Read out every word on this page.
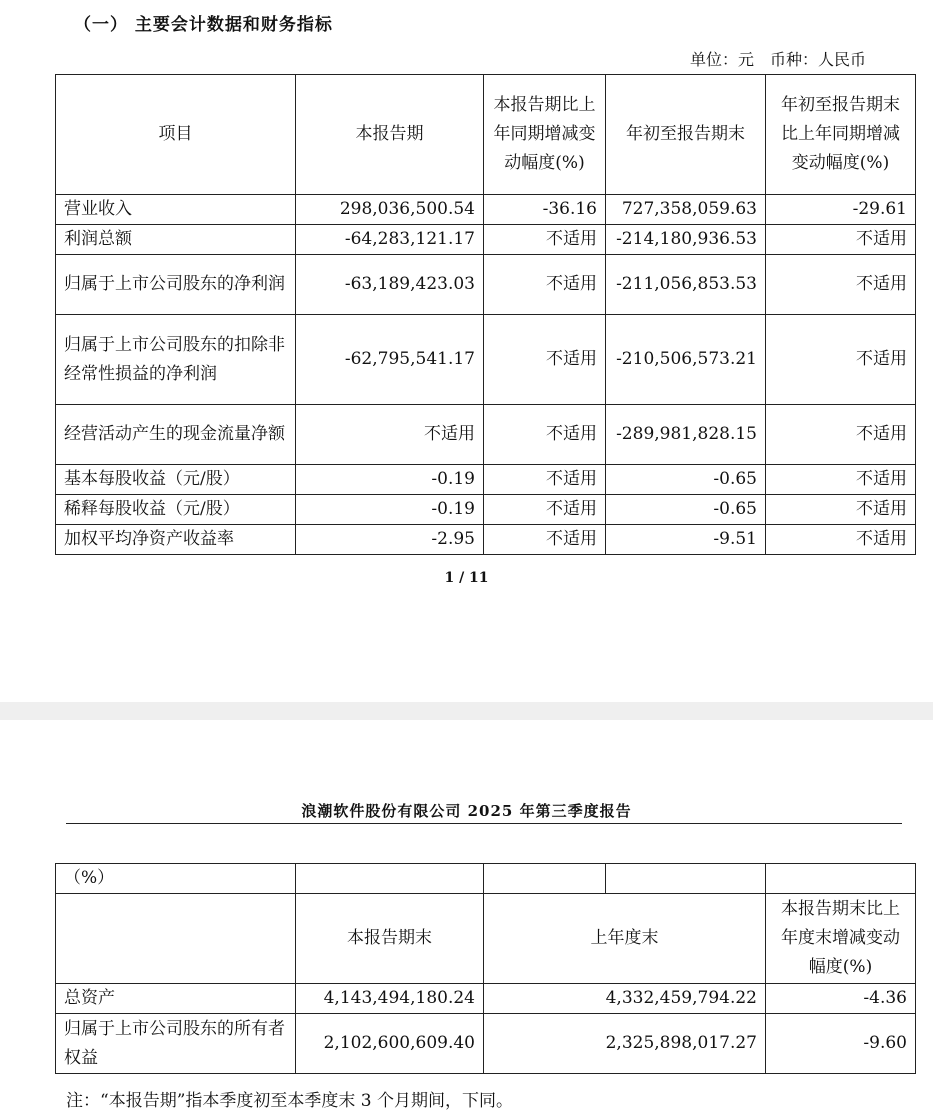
（一） 主要会计数据和财务指标
单位：元　币种：人民币
项目	本报告期	本报告期比上年同期增减变动幅度(%)	年初至报告期末	年初至报告期末比上年同期增减变动幅度(%)
营业收入	298,036,500.54	-36.16	727,358,059.63	-29.61
利润总额	-64,283,121.17	不适用	-214,180,936.53	不适用
归属于上市公司股东的净利润	-63,189,423.03	不适用	-211,056,853.53	不适用
归属于上市公司股东的扣除非经常性损益的净利润	-62,795,541.17	不适用	-210,506,573.21	不适用
经营活动产生的现金流量净额	不适用	不适用	-289,981,828.15	不适用
基本每股收益（元/股）	-0.19	不适用	-0.65	不适用
稀释每股收益（元/股）	-0.19	不适用	-0.65	不适用
加权平均净资产收益率	-2.95	不适用	-9.51	不适用
1 / 11
浪潮软件股份有限公司 2025 年第三季度报告
（%）				
	本报告期末	上年度末		本报告期末比上年度末增减变动幅度(%)
总资产	4,143,494,180.24	4,332,459,794.22		-4.36
归属于上市公司股东的所有者权益	2,102,600,609.40	2,325,898,017.27		-9.60
注：“本报告期”指本季度初至本季度末 3 个月期间，下同。
